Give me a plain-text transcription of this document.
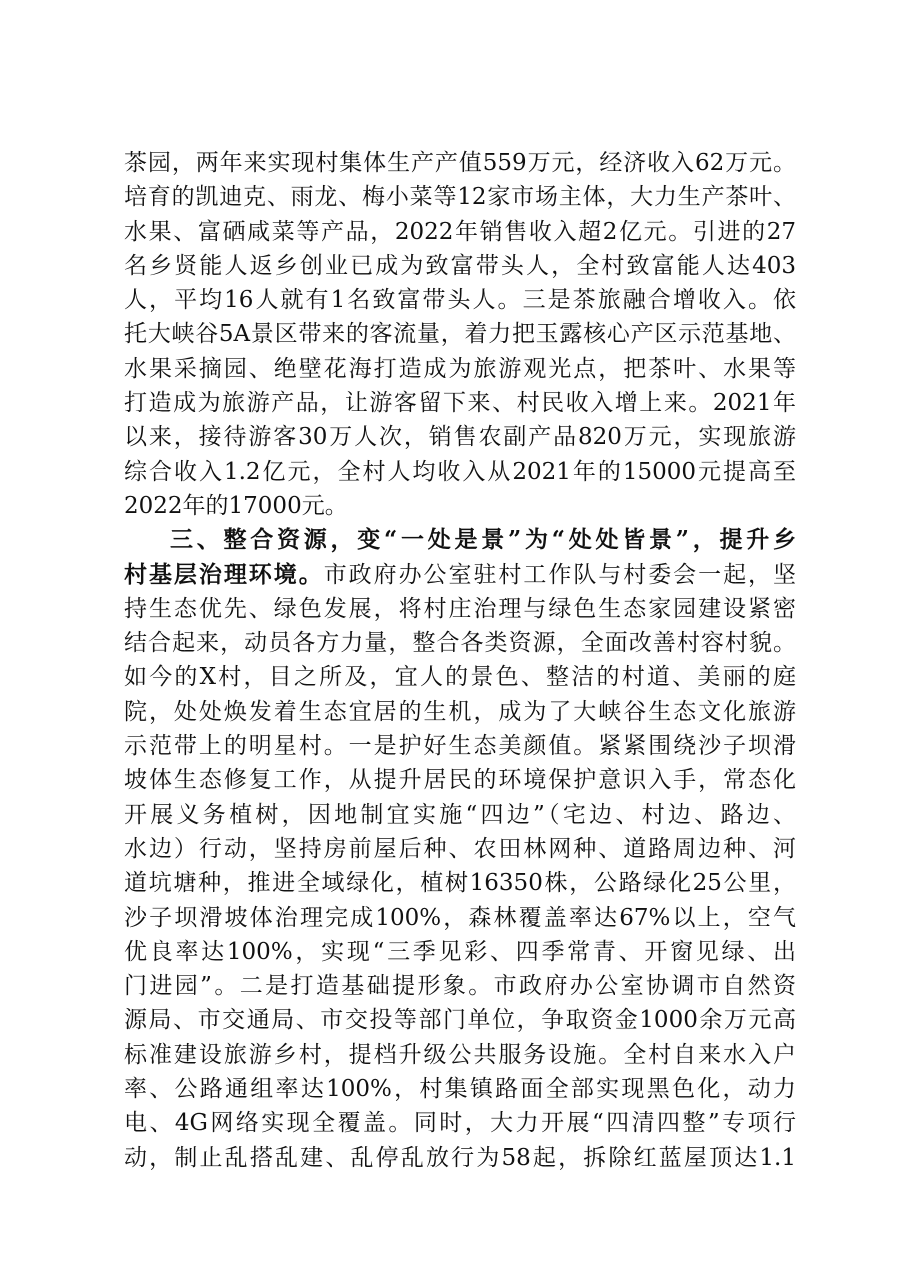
茶园，两年来实现村集体生产产值559万元，经济收入62万元。
培育的凯迪克、雨龙、梅小菜等12家市场主体，大力生产茶叶、
水果、富硒咸菜等产品，2022年销售收入超2亿元。引进的27
名乡贤能人返乡创业已成为致富带头人，全村致富能人达403
人，平均16人就有1名致富带头人。三是茶旅融合增收入。依
托大峡谷5A景区带来的客流量，着力把玉露核心产区示范基地、
水果采摘园、绝壁花海打造成为旅游观光点，把茶叶、水果等
打造成为旅游产品，让游客留下来、村民收入增上来。2021年
以来，接待游客30万人次，销售农副产品820万元，实现旅游
综合收入1.2亿元，全村人均收入从2021年的15000元提高至
2022年的17000元。
三、整合资源，变“一处是景”为“处处皆景”，提升乡
村基层治理环境。市政府办公室驻村工作队与村委会一起，坚
持生态优先、绿色发展，将村庄治理与绿色生态家园建设紧密
结合起来，动员各方力量，整合各类资源，全面改善村容村貌。
如今的X村，目之所及，宜人的景色、整洁的村道、美丽的庭
院，处处焕发着生态宜居的生机，成为了大峡谷生态文化旅游
示范带上的明星村。一是护好生态美颜值。紧紧围绕沙子坝滑
坡体生态修复工作，从提升居民的环境保护意识入手，常态化
开展义务植树，因地制宜实施“四边”（宅边、村边、路边、
水边）行动，坚持房前屋后种、农田林网种、道路周边种、河
道坑塘种，推进全域绿化，植树16350株，公路绿化25公里，
沙子坝滑坡体治理完成100%，森林覆盖率达67%以上，空气
优良率达100%，实现“三季见彩、四季常青、开窗见绿、出
门进园”。二是打造基础提形象。市政府办公室协调市自然资
源局、市交通局、市交投等部门单位，争取资金1000余万元高
标准建设旅游乡村，提档升级公共服务设施。全村自来水入户
率、公路通组率达100%，村集镇路面全部实现黑色化，动力
电、4G网络实现全覆盖。同时，大力开展“四清四整”专项行
动，制止乱搭乱建、乱停乱放行为58起，拆除红蓝屋顶达1.1
